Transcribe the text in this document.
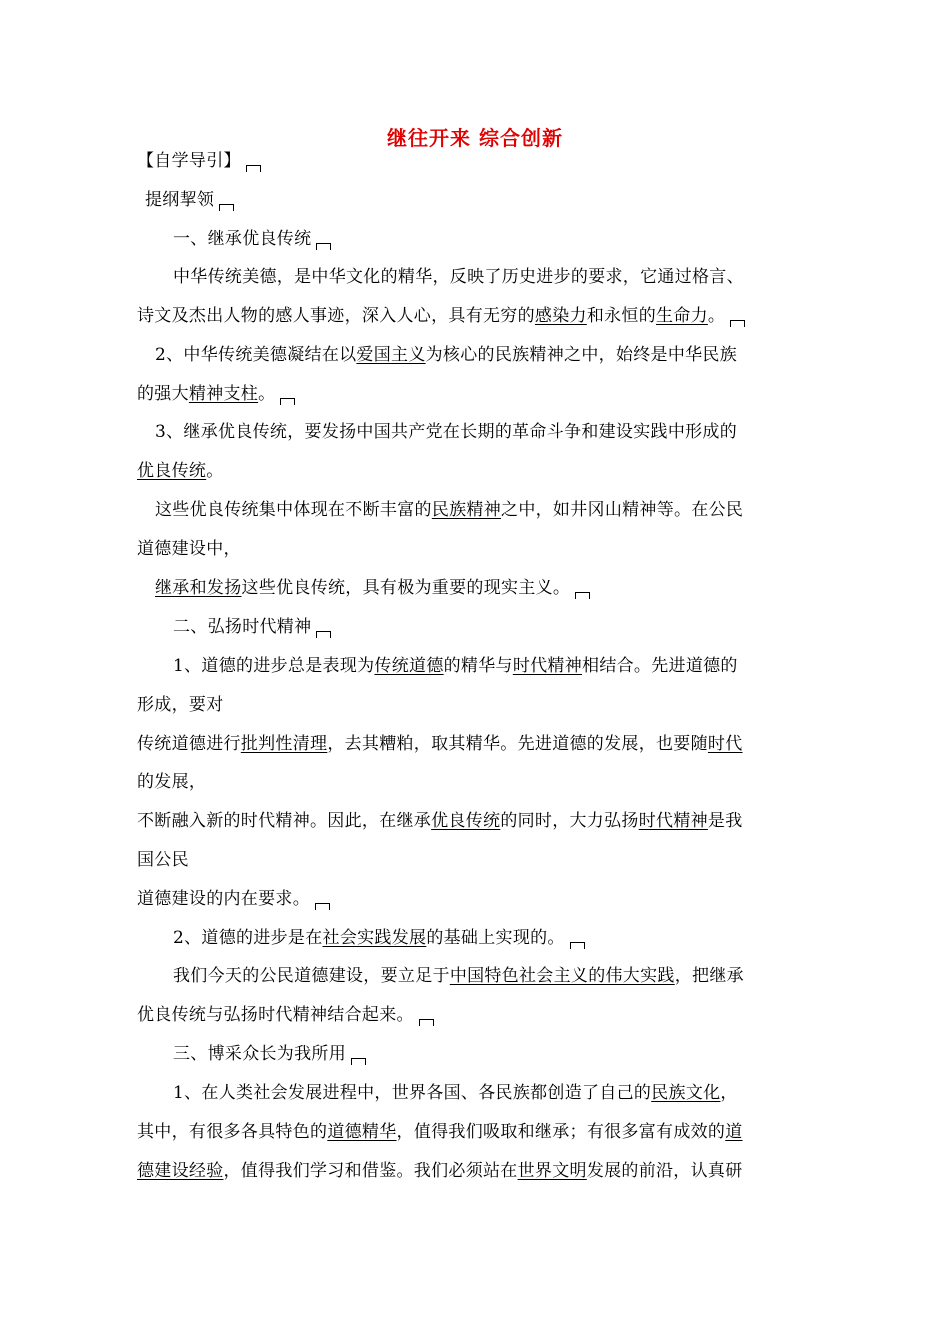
继往开来 综合创新
【自学导引】
提纲挈领
一、继承优良传统
中华传统美德，是中华文化的精华，反映了历史进步的要求，它通过格言、
诗文及杰出人物的感人事迹，深入人心，具有无穷的感染力和永恒的生命力。
2、中华传统美德凝结在以爱国主义为核心的民族精神之中，始终是中华民族
的强大精神支柱。
3、继承优良传统，要发扬中国共产党在长期的革命斗争和建设实践中形成的
优良传统。
这些优良传统集中体现在不断丰富的民族精神之中，如井冈山精神等。在公民
道德建设中，
继承和发扬这些优良传统，具有极为重要的现实主义。
二、弘扬时代精神
1、道德的进步总是表现为传统道德的精华与时代精神相结合。先进道德的
形成，要对
传统道德进行批判性清理，去其糟粕，取其精华。先进道德的发展，也要随时代
的发展，
不断融入新的时代精神。因此，在继承优良传统的同时，大力弘扬时代精神是我
国公民
道德建设的内在要求。
2、道德的进步是在社会实践发展的基础上实现的。
我们今天的公民道德建设，要立足于中国特色社会主义的伟大实践，把继承
优良传统与弘扬时代精神结合起来。
三、博采众长为我所用
1、在人类社会发展进程中，世界各国、各民族都创造了自己的民族文化，
其中，有很多各具特色的道德精华，值得我们吸取和继承；有很多富有成效的道
德建设经验，值得我们学习和借鉴。我们必须站在世界文明发展的前沿，认真研
